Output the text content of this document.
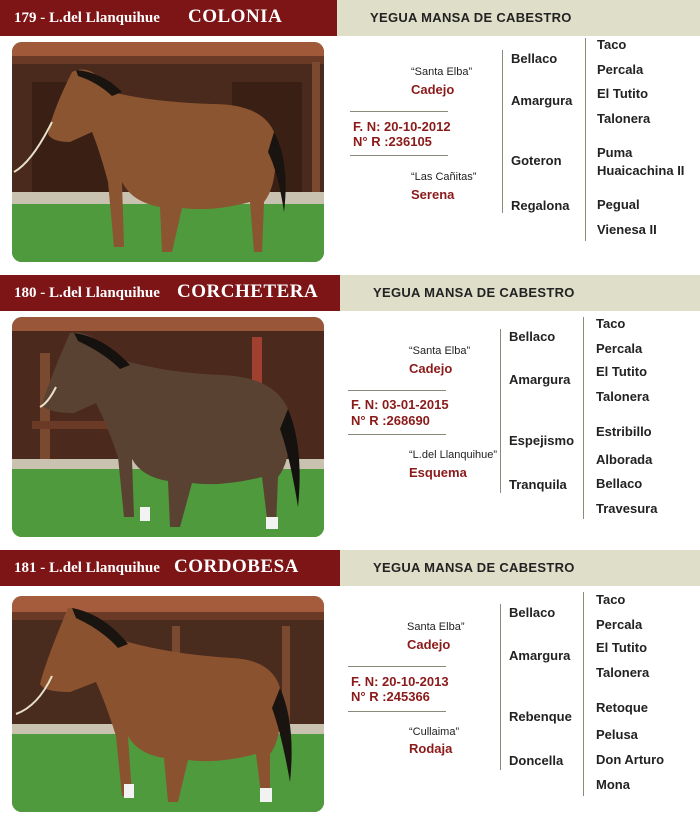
179 - L.del Llanquihue COLONIA	YEGUA MANSA DE CABESTRO
“Santa Elba”
Cadejo
F. N: 20-10-2012
N° R :236105
“Las Cañitas”
Serena
Bellaco
Amargura
Goteron
Regalona
Taco
Percala
El Tutito
Talonera
Puma
Huaicachina II
Pegual
Vienesa II
180 - L.del Llanquihue CORCHETERA	YEGUA MANSA DE CABESTRO
“Santa Elba”
Cadejo
F. N: 03-01-2015
N° R :268690
“L.del Llanquihue”
Esquema
Bellaco
Amargura
Espejismo
Tranquila
Taco
Percala
El Tutito
Talonera
Estribillo
Alborada
Bellaco
Travesura
181 - L.del Llanquihue CORDOBESA	YEGUA MANSA DE CABESTRO
Santa Elba”
Cadejo
F. N: 20-10-2013
N° R :245366
“Cullaima”
Rodaja
Bellaco
Amargura
Rebenque
Doncella
Taco
Percala
El Tutito
Talonera
Retoque
Pelusa
Don Arturo
Mona
